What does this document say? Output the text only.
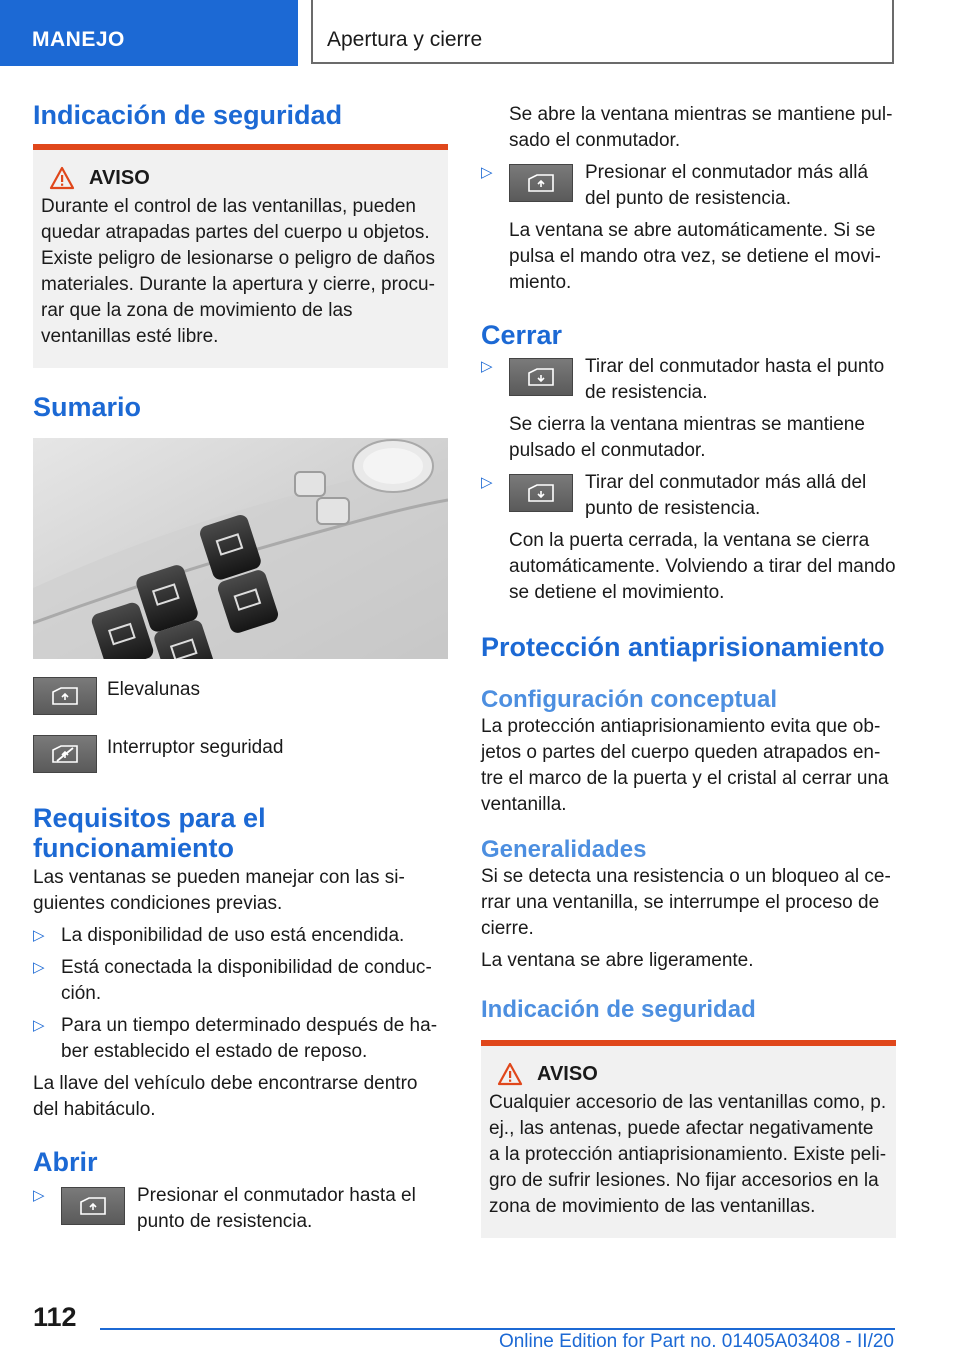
MANEJO	Apertura y cierre
Indicación de seguridad
AVISO

Durante el control de las ventanillas, pueden quedar atrapadas partes del cuerpo u objetos. Existe peligro de lesionarse o peligro de daños materiales. Durante la apertura y cierre, procurar que la zona de movimiento de las ventanillas esté libre.

Sumario

Elevalunas

Interruptor seguridad

Requisitos para el funcionamiento

Las ventanas se pueden manejar con las siguientes condiciones previas.

▷ La disponibilidad de uso está encendida.

▷ Está conectada la disponibilidad de conducción.

▷ Para un tiempo determinado después de haber establecido el estado de reposo.

La llave del vehículo debe encontrarse dentro del habitáculo.

Abrir
▷	Presionar el conmutador hasta el punto de resistencia.

Se abre la ventana mientras se mantiene pulsado el conmutador.

▷	Presionar el conmutador más allá del punto de resistencia.

La ventana se abre automáticamente. Si se pulsa el mando otra vez, se detiene el movimiento.

Cerrar
▷	Tirar del conmutador hasta el punto de resistencia.

Se cierra la ventana mientras se mantiene pulsado el conmutador.

▷	Tirar del conmutador más allá del punto de resistencia.

Con la puerta cerrada, la ventana se cierra automáticamente. Volviendo a tirar del mando se detiene el movimiento.

Protección antiaprisionamiento
Configuración conceptual

La protección antiaprisionamiento evita que objetos o partes del cuerpo queden atrapados entre el marco de la puerta y el cristal al cerrar una ventanilla.

Generalidades

Si se detecta una resistencia o un bloqueo al cerrar una ventanilla, se interrumpe el proceso de cierre.

La ventana se abre ligeramente.

Indicación de seguridad
AVISO

Cualquier accesorio de las ventanillas como, p. ej., las antenas, puede afectar negativamente a la protección antiaprisionamiento. Existe peligro de sufrir lesiones. No fijar accesorios en la zona de movimiento de las ventanillas.

112
Online Edition for Part no. 01405A03408 - II/20
